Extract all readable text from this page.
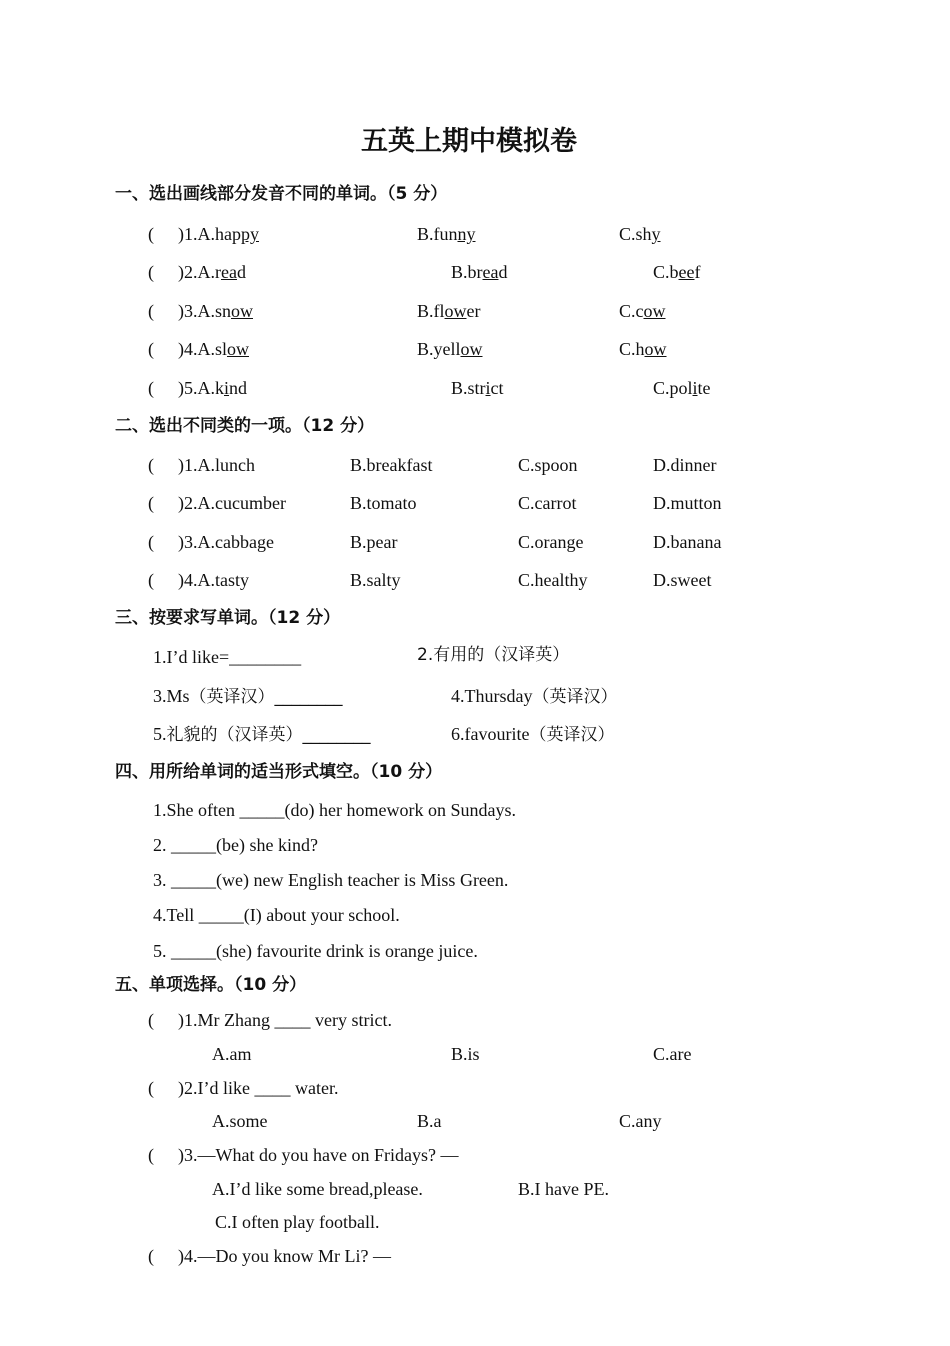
五英上期中模拟卷
一、选出画线部分发音不同的单词。（5 分）
( )1.A.happy	B.funny	C.shy
( )2.A.read	B.bread	C.beef
( )3.A.snow	B.flower	C.cow
( )4.A.slow	B.yellow	C.how
( )5.A.kind	B.strict	C.polite
二、选出不同类的一项。（12 分）
( )1.A.lunch	B.breakfast	C.spoon	D.dinner
( )2.A.cucumber	B.tomato	C.carrot	D.mutton
( )3.A.cabbage	B.pear	C.orange	D.banana
( )4.A.tasty	B.salty	C.healthy	D.sweet
三、按要求写单词。（12 分）
1.I’d like=________	2.有用的（汉译英）
3.Ms（英译汉）________	4.Thursday（英译汉）
5.礼貌的（汉译英）________	6.favourite（英译汉）
四、用所给单词的适当形式填空。（10 分）
1.She often _____(do) her homework on Sundays.
2. _____(be) she kind?
3. _____(we) new English teacher is Miss Green.
4.Tell _____(I) about your school.
5. _____(she) favourite drink is orange juice.
五、单项选择。（10 分）
( )1.Mr Zhang ____ very strict.
A.am	B.is	C.are
( )2.I’d like ____ water.
A.some	B.a	C.any
( )3.—What do you have on Fridays? —
A.I’d like some bread,please.	B.I have PE.
C.I often play football.
( )4.—Do you know Mr Li? —
